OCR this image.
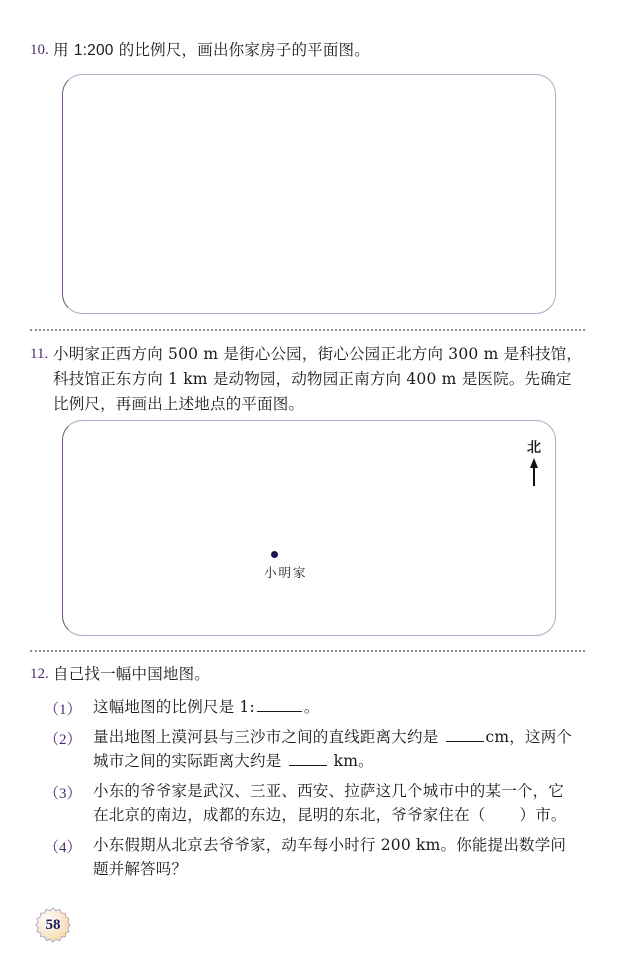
10. 用 1:200 的比例尺，画出你家房子的平面图。
11. 小明家正西方向 500 m 是街心公园，街心公园正北方向 300 m 是科技馆，
科技馆正东方向 1 km 是动物园，动物园正南方向 400 m 是医院。先确定
比例尺，再画出上述地点的平面图。
北
小明家
12. 自己找一幅中国地图。
（1） 这幅地图的比例尺是 1:	。
（2） 量出地图上漠河县与三沙市之间的直线距离大约是	cm，这两个
城市之间的实际距离大约是	km。
（3） 小东的爷爷家是武汉、三亚、西安、拉萨这几个城市中的某一个，它
在北京的南边，成都的东边，昆明的东北，爷爷家住在（ ）市。
（4） 小东假期从北京去爷爷家，动车每小时行 200 km。你能提出数学问
题并解答吗？
58
